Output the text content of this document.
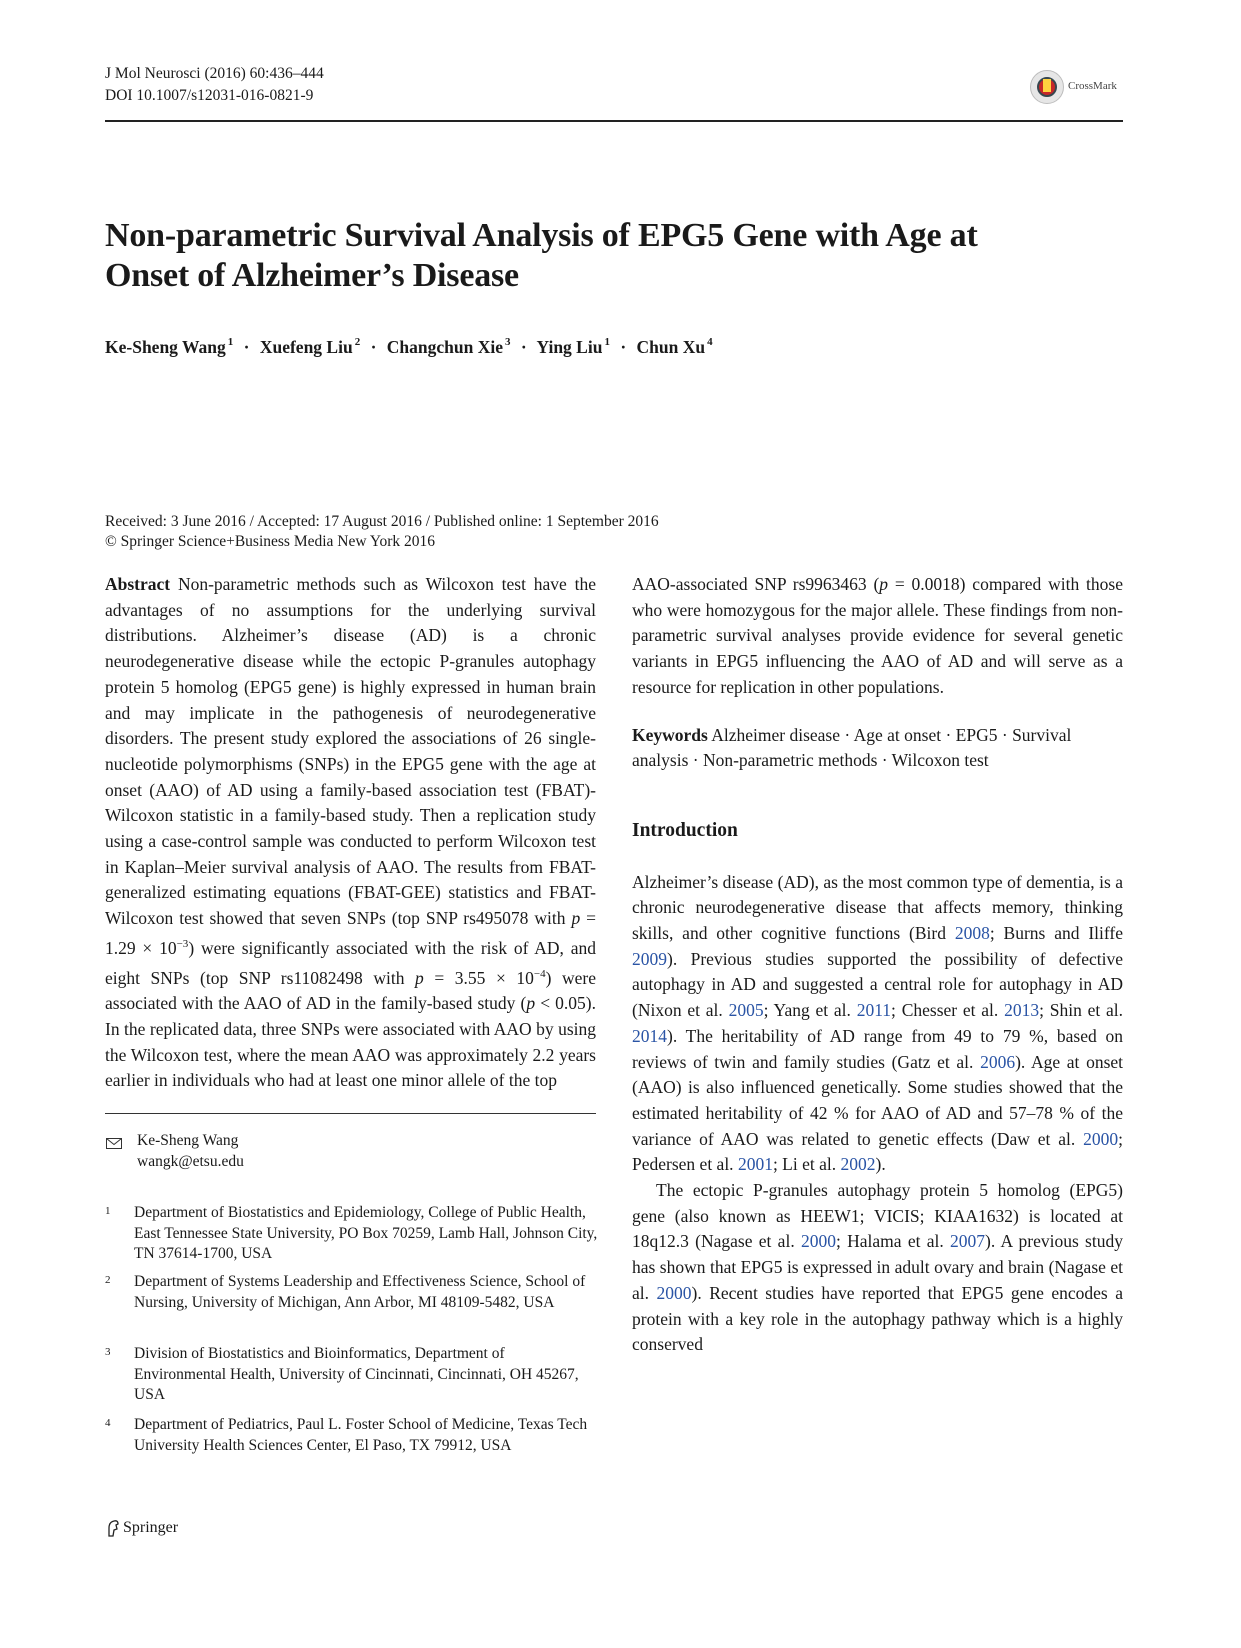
J Mol Neurosci (2016) 60:436–444
DOI 10.1007/s12031-016-0821-9
CrossMark
Non-parametric Survival Analysis of EPG5 Gene with Age at Onset of Alzheimer’s Disease
Ke-Sheng Wang $^1$ · Xuefeng Liu $^2$ · Changchun Xie $^3$ · Ying Liu $^1$ · Chun Xu $^4$
Received: 3 June 2016 / Accepted: 17 August 2016 / Published online: 1 September 2016
© Springer Science+Business Media New York 2016

Abstract Non-parametric methods such as Wilcoxon test have the advantages of no assumptions for the underlying survival distributions. Alzheimer’s disease (AD) is a chronic neurodegenerative disease while the ectopic P-granules autophagy protein 5 homolog (EPG5 gene) is highly expressed in human brain and may implicate in the pathogenesis of neurodegenerative disorders. The present study explored the associations of 26 single-nucleotide polymorphisms (SNPs) in the EPG5 gene with the age at onset (AAO) of AD using a family-based association test (FBAT)-Wilcoxon statistic in a family-based study. Then a replication study using a case-control sample was conducted to perform Wilcoxon test in Kaplan–Meier survival analysis of AAO. The results from FBAT-generalized estimating equations (FBAT-GEE) statistics and FBAT-Wilcoxon test showed that seven SNPs (top SNP rs495078 with $p = 1.29 \times 10^{-3}$) were significantly associated with the risk of AD, and eight SNPs (top SNP rs11082498 with $p = 3.55 \times 10^{-4}$) were associated with the AAO of AD in the family-based study (p < 0.05). In the replicated data, three SNPs were associated with AAO by using the Wilcoxon test, where the mean AAO was approximately 2.2 years earlier in individuals who had at least one minor allele of the top

Ke-Sheng Wang
wangk@etsu.edu
1 Department of Biostatistics and Epidemiology, College of Public Health, East Tennessee State University, PO Box 70259, Lamb Hall, Johnson City, TN 37614-1700, USA
2 Department of Systems Leadership and Effectiveness Science, School of Nursing, University of Michigan, Ann Arbor, MI 48109-5482, USA
3 Division of Biostatistics and Bioinformatics, Department of Environmental Health, University of Cincinnati, Cincinnati, OH 45267, USA
4 Department of Pediatrics, Paul L. Foster School of Medicine, Texas Tech University Health Sciences Center, El Paso, TX 79912, USA

AAO-associated SNP rs9963463 (p = 0.0018) compared with those who were homozygous for the major allele. These findings from non-parametric survival analyses provide evidence for several genetic variants in EPG5 influencing the AAO of AD and will serve as a resource for replication in other populations.

Keywords Alzheimer disease · Age at onset · EPG5 · Survival analysis · Non-parametric methods · Wilcoxon test

Introduction

Alzheimer’s disease (AD), as the most common type of dementia, is a chronic neurodegenerative disease that affects memory, thinking skills, and other cognitive functions (Bird 2008; Burns and Iliffe 2009). Previous studies supported the possibility of defective autophagy in AD and suggested a central role for autophagy in AD (Nixon et al. 2005; Yang et al. 2011; Chesser et al. 2013; Shin et al. 2014). The heritability of AD range from 49 to 79 %, based on reviews of twin and family studies (Gatz et al. 2006). Age at onset (AAO) is also influenced genetically. Some studies showed that the estimated heritability of 42 % for AAO of AD and 57–78 % of the variance of AAO was related to genetic effects (Daw et al. 2000; Pedersen et al. 2001; Li et al. 2002).

The ectopic P-granules autophagy protein 5 homolog (EPG5) gene (also known as HEEW1; VICIS; KIAA1632) is located at 18q12.3 (Nagase et al. 2000; Halama et al. 2007). A previous study has shown that EPG5 is expressed in adult ovary and brain (Nagase et al. 2000). Recent studies have reported that EPG5 gene encodes a protein with a key role in the autophagy pathway which is a highly conserved

Springer
